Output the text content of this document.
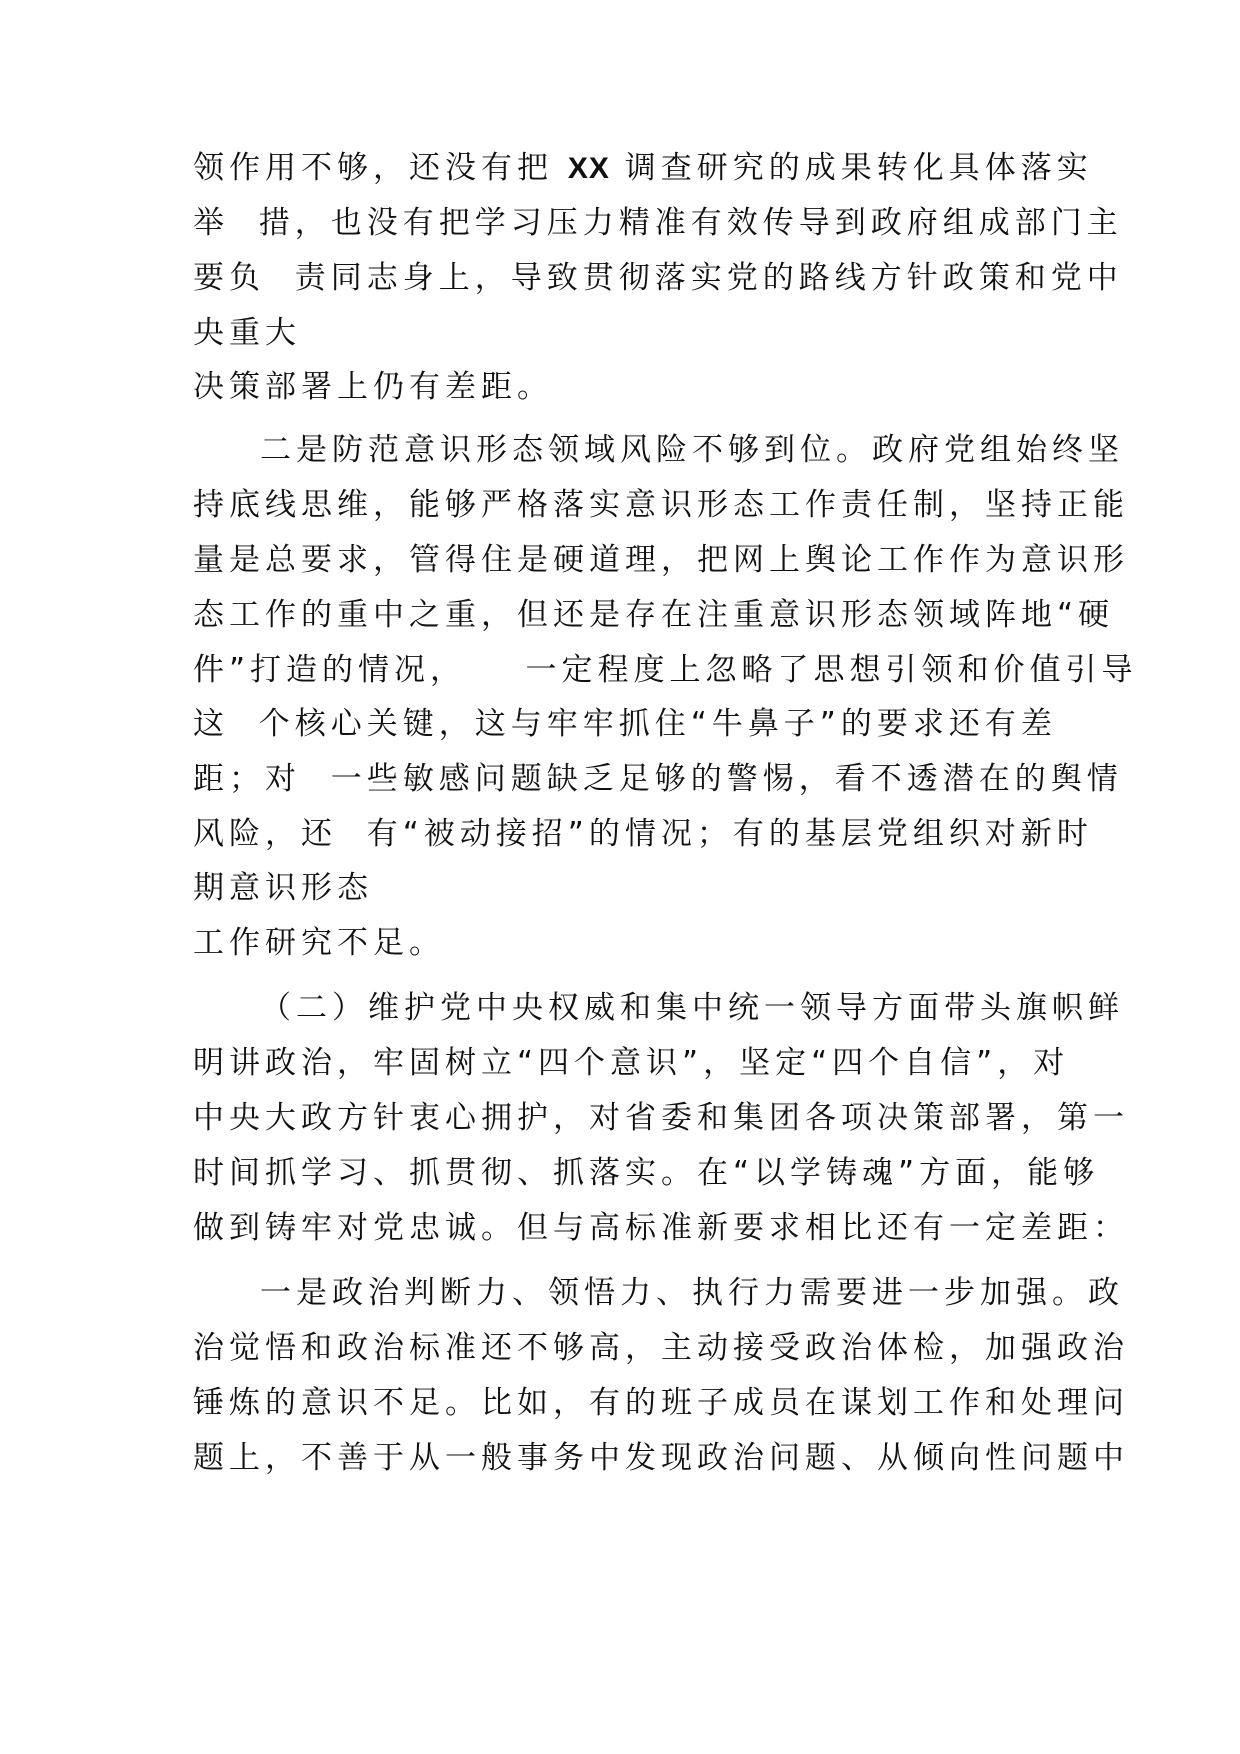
领作用不够，还没有把 XX 调查研究的成果转化具体落实

举  措，也没有把学习压力精准有效传导到政府组成部门主

要负  责同志身上，导致贯彻落实党的路线方针政策和党中

央重大

决策部署上仍有差距。

二是防范意识形态领域风险不够到位。政府党组始终坚

持底线思维，能够严格落实意识形态工作责任制，坚持正能

量是总要求，管得住是硬道理，把网上舆论工作作为意识形

态工作的重中之重，但还是存在注重意识形态领域阵地“硬

件”打造的情况，    一定程度上忽略了思想引领和价值引导

这  个核心关键，这与牢牢抓住“牛鼻子”的要求还有差

距；对  一些敏感问题缺乏足够的警惕，看不透潜在的舆情

风险，还  有“被动接招”的情况；有的基层党组织对新时

期意识形态

工作研究不足。

（二）维护党中央权威和集中统一领导方面带头旗帜鲜

明讲政治，牢固树立“四个意识”，坚定“四个自信”，对

中央大政方针衷心拥护，对省委和集团各项决策部署，第一

时间抓学习、抓贯彻、抓落实。在“以学铸魂”方面，能够

做到铸牢对党忠诚。但与高标准新要求相比还有一定差距：

一是政治判断力、领悟力、执行力需要进一步加强。政

治觉悟和政治标准还不够高，主动接受政治体检，加强政治

锤炼的意识不足。比如，有的班子成员在谋划工作和处理问

题上，不善于从一般事务中发现政治问题、从倾向性问题中
